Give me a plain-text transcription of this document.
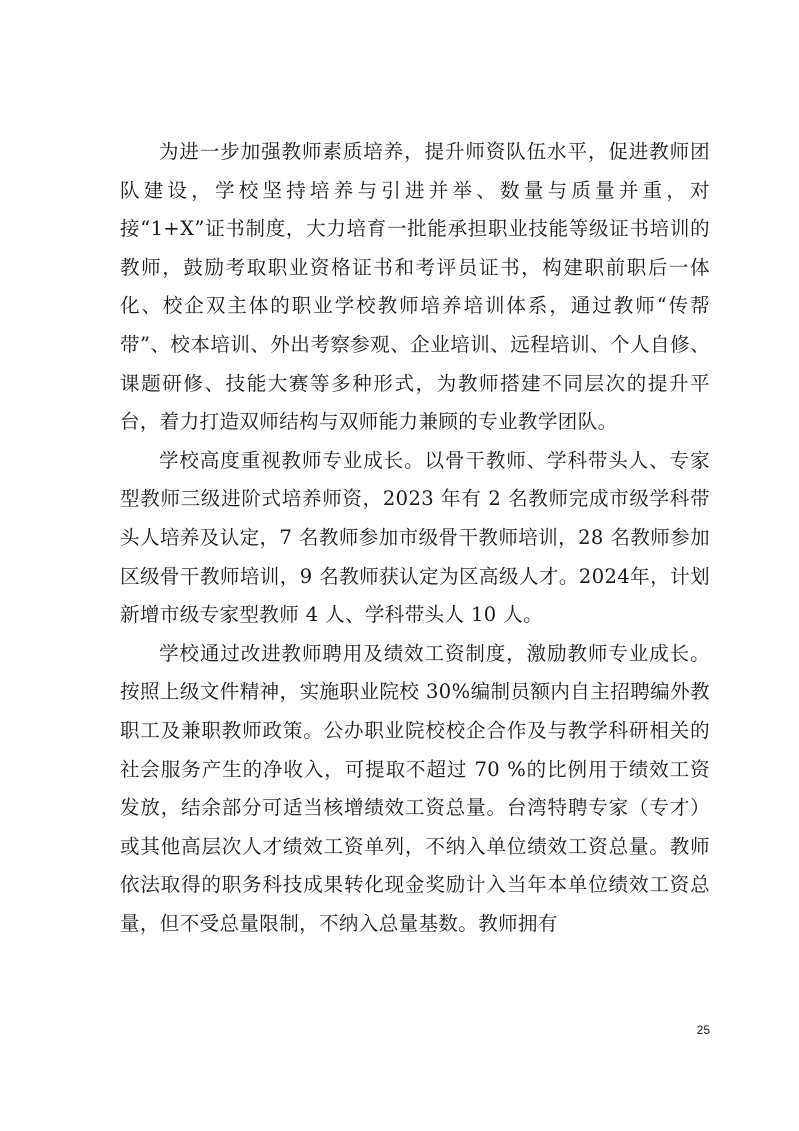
为进一步加强教师素质培养，提升师资队伍水平，促进教师团队建设，学校坚持培养与引进并举、数量与质量并重，对接“1+X”证书制度，大力培育一批能承担职业技能等级证书培训的教师，鼓励考取职业资格证书和考评员证书，构建职前职后一体化、校企双主体的职业学校教师培养培训体系，通过教师“传帮带”、校本培训、外出考察参观、企业培训、远程培训、个人自修、课题研修、技能大赛等多种形式，为教师搭建不同层次的提升平台，着力打造双师结构与双师能力兼顾的专业教学团队。

学校高度重视教师专业成长。以骨干教师、学科带头人、专家型教师三级进阶式培养师资，2023 年有 2 名教师完成市级学科带头人培养及认定，7 名教师参加市级骨干教师培训，28 名教师参加区级骨干教师培训，9 名教师获认定为区高级人才。2024年，计划新增市级专家型教师 4 人、学科带头人 10 人。

学校通过改进教师聘用及绩效工资制度，激励教师专业成长。按照上级文件精神，实施职业院校 30%编制员额内自主招聘编外教职工及兼职教师政策。公办职业院校校企合作及与教学科研相关的社会服务产生的净收入，可提取不超过 70 %的比例用于绩效工资发放，结余部分可适当核增绩效工资总量。台湾特聘专家（专才）或其他高层次人才绩效工资单列，不纳入单位绩效工资总量。教师依法取得的职务科技成果转化现金奖励计入当年本单位绩效工资总量，但不受总量限制，不纳入总量基数。教师拥有

25
